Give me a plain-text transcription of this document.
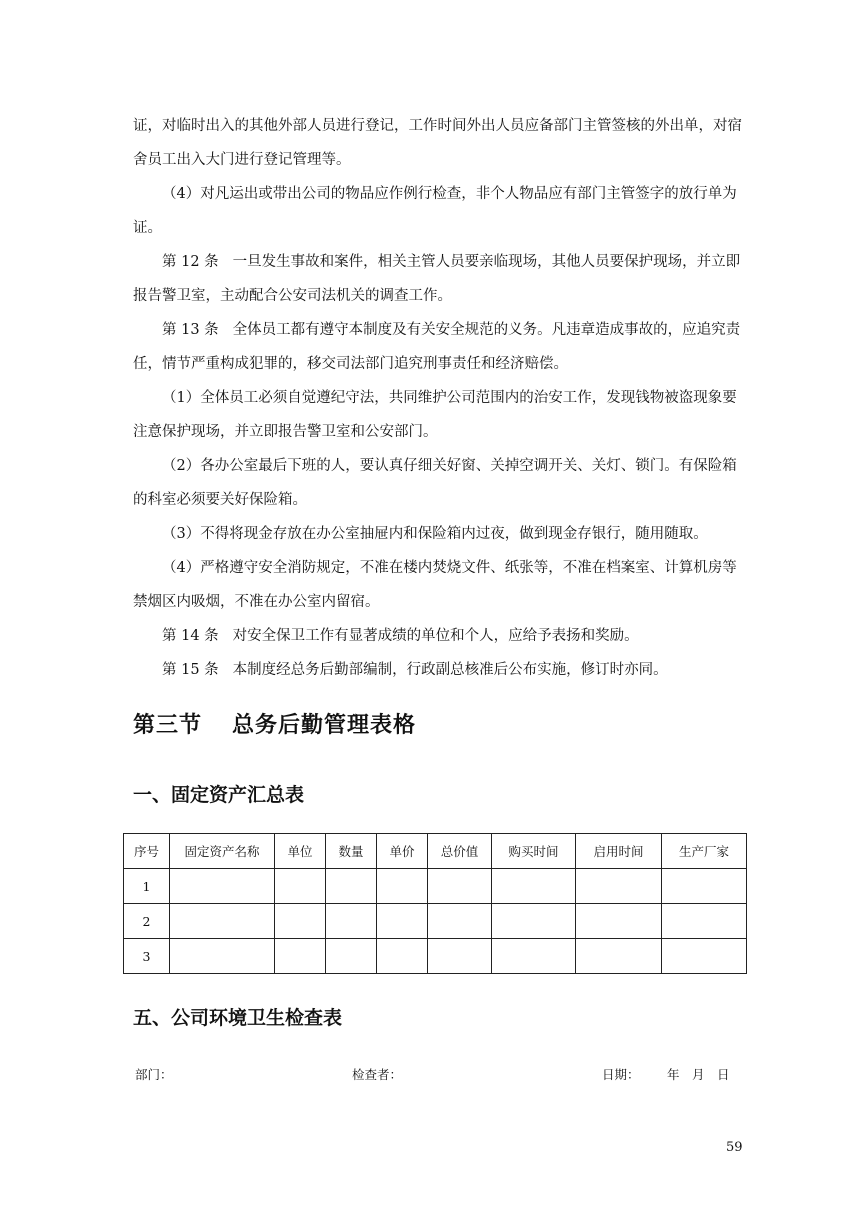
证，对临时出入的其他外部人员进行登记，工作时间外出人员应备部门主管签核的外出单，对宿舍员工出入大门进行登记管理等。

（4）对凡运出或带出公司的物品应作例行检查，非个人物品应有部门主管签字的放行单为证。

第 12 条 一旦发生事故和案件，相关主管人员要亲临现场，其他人员要保护现场，并立即报告警卫室，主动配合公安司法机关的调查工作。

第 13 条 全体员工都有遵守本制度及有关安全规范的义务。凡违章造成事故的，应追究责任，情节严重构成犯罪的，移交司法部门追究刑事责任和经济赔偿。

（1）全体员工必须自觉遵纪守法，共同维护公司范围内的治安工作，发现钱物被盗现象要注意保护现场，并立即报告警卫室和公安部门。

（2）各办公室最后下班的人，要认真仔细关好窗、关掉空调开关、关灯、锁门。有保险箱的科室必须要关好保险箱。

（3）不得将现金存放在办公室抽屉内和保险箱内过夜，做到现金存银行，随用随取。

（4）严格遵守安全消防规定，不准在楼内焚烧文件、纸张等，不准在档案室、计算机房等禁烟区内吸烟，不准在办公室内留宿。

第 14 条 对安全保卫工作有显著成绩的单位和个人，应给予表扬和奖励。

第 15 条 本制度经总务后勤部编制，行政副总核准后公布实施，修订时亦同。

第三节 总务后勤管理表格
一、固定资产汇总表
序号	固定资产名称	单位	数量	单价	总价值	购买时间	启用时间	生产厂家
1								
2								
3								
五、公司环境卫生检查表
部门：	检查者：	日期： 年　月　日
59
